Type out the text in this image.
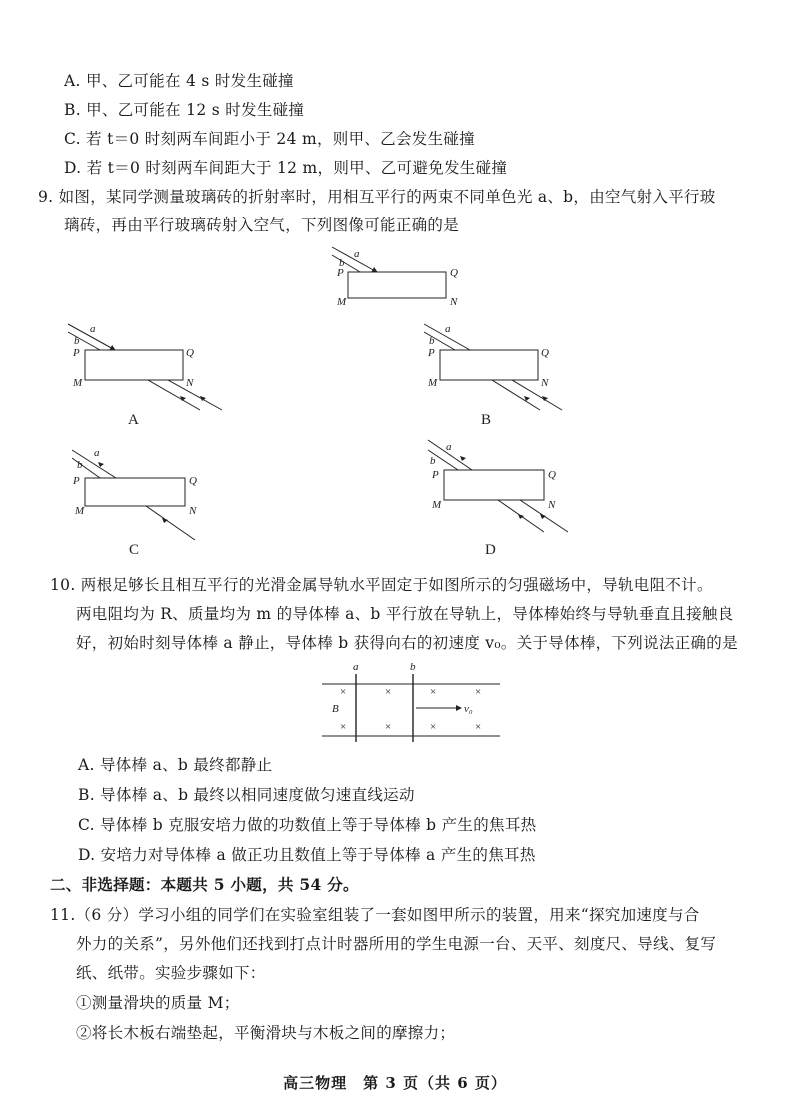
A. 甲、乙可能在 4 s 时发生碰撞
B. 甲、乙可能在 12 s 时发生碰撞
C. 若 t＝0 时刻两车间距小于 24 m，则甲、乙会发生碰撞
D. 若 t＝0 时刻两车间距大于 12 m，则甲、乙可避免发生碰撞
9. 如图，某同学测量玻璃砖的折射率时，用相互平行的两束不同单色光 a、b，由空气射入平行玻
璃砖，再由平行玻璃砖射入空气，下列图像可能正确的是
a
b
P	Q
M	N
a
b
P	Q
M	N
a
b
P	Q
M	N
a
b
P	Q
M	N
a
b
P	Q
M	N
A	B
C	D
10. 两根足够长且相互平行的光滑金属导轨水平固定于如图所示的匀强磁场中，导轨电阻不计。
两电阻均为 R、质量均为 m 的导体棒 a、b 平行放在导轨上，导体棒始终与导轨垂直且接触良
好，初始时刻导体棒 a 静止，导体棒 b 获得向右的初速度 v₀。关于导体棒，下列说法正确的是
a	b
B	v₀
×	×	×	×
×	×	×	×
A. 导体棒 a、b 最终都静止
B. 导体棒 a、b 最终以相同速度做匀速直线运动
C. 导体棒 b 克服安培力做的功数值上等于导体棒 b 产生的焦耳热
D. 安培力对导体棒 a 做正功且数值上等于导体棒 a 产生的焦耳热
二、非选择题：本题共 5 小题，共 54 分。
11.（6 分）学习小组的同学们在实验室组装了一套如图甲所示的装置，用来“探究加速度与合
外力的关系”，另外他们还找到打点计时器所用的学生电源一台、天平、刻度尺、导线、复写
纸、纸带。实验步骤如下：
①测量滑块的质量 M；
②将长木板右端垫起，平衡滑块与木板之间的摩擦力；
高三物理　第 3 页（共 6 页）
